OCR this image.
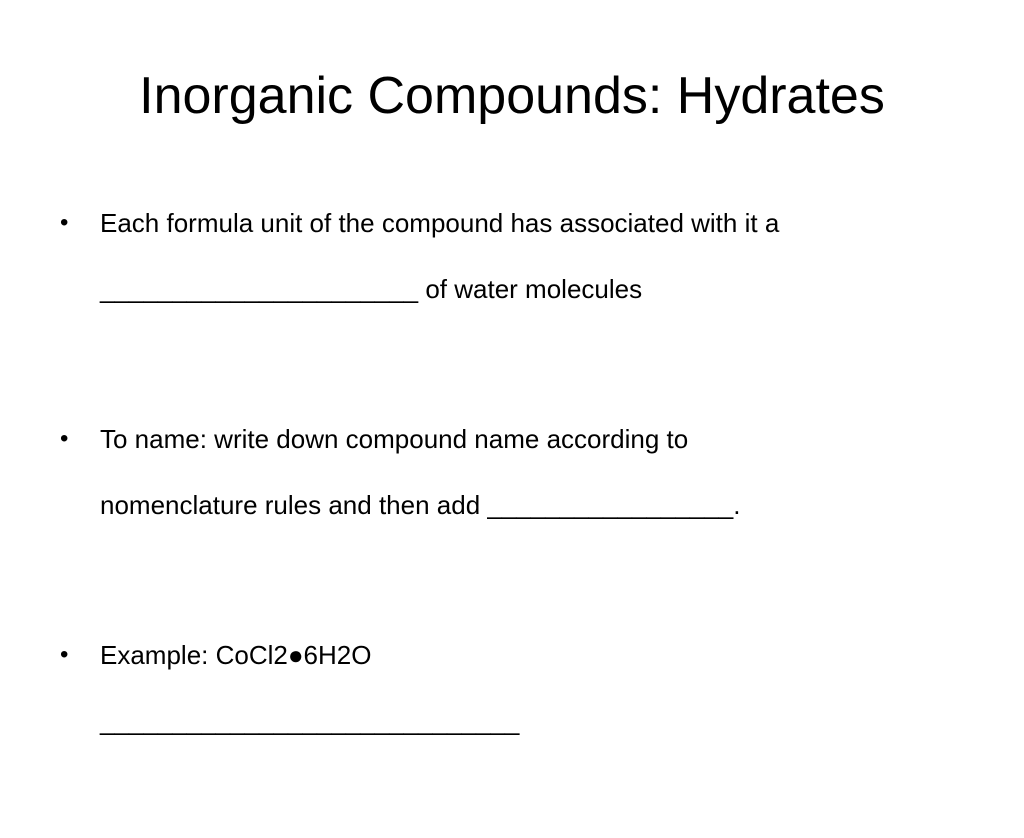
Inorganic Compounds: Hydrates
• Each formula unit of the compound has associated with it a
______________________ of water molecules
• To name: write down compound name according to
nomenclature rules and then add _________________.
• Example: CoCl2●6H2O
_____________________________
